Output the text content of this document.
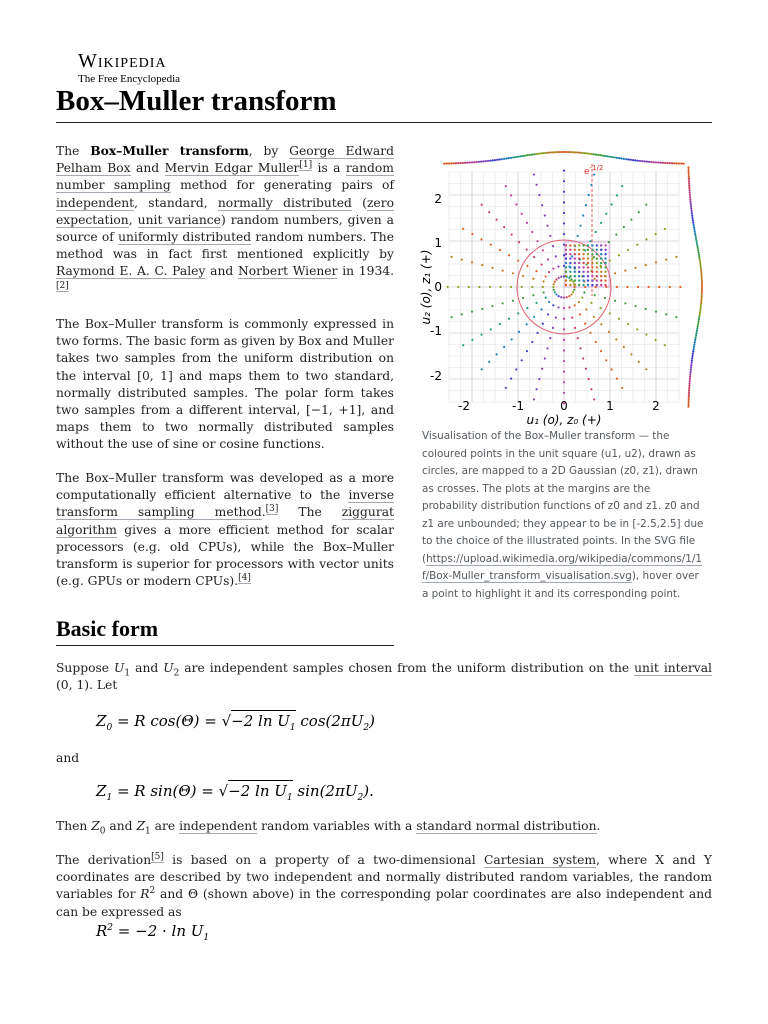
Wikipedia
The Free Encyclopedia
Box–Muller transform
The Box–Muller transform, by George Edward Pelham Box and Mervin Edgar Muller[1] is a random number sampling method for generating pairs of independent, standard, normally distributed (zero expectation, unit variance) random numbers, given a source of uniformly distributed random numbers. The method was in fact first mentioned explicitly by Raymond E. A. C. Paley and Norbert Wiener in 1934.[2]
The Box–Muller transform is commonly expressed in two forms. The basic form as given by Box and Muller takes two samples from the uniform distribution on the interval [0, 1] and maps them to two standard, normally distributed samples. The polar form takes two samples from a different interval, [−1, +1], and maps them to two normally distributed samples without the use of sine or cosine functions.
The Box–Muller transform was developed as a more computationally efficient alternative to the inverse transform sampling method.[3] The ziggurat algorithm gives a more efficient method for scalar processors (e.g. old CPUs), while the Box–Muller transform is superior for processors with vector units (e.g. GPUs or modern CPUs).[4]
$e^{-1/2}$
-2	-1	0	1	2
2
1
0
-1
-2
u₁ (o), z₀ (+)
u₂ (o), z₁ (+)
Visualisation of the Box–Muller transform — the coloured points in the unit square (u1, u2), drawn as circles, are mapped to a 2D Gaussian (z0, z1), drawn as crosses. The plots at the margins are the probability distribution functions of z0 and z1. z0 and z1 are unbounded; they appear to be in [-2.5,2.5] due to the choice of the illustrated points. In the SVG file (https://upload.wikimedia.org/wikipedia/commons/1/1f/Box-Muller_transform_visualisation.svg), hover over a point to highlight it and its corresponding point.
Basic form
Suppose $U_1$ and $U_2$ are independent samples chosen from the uniform distribution on the unit interval (0, 1). Let
$Z_0 = R$ cos(Θ) = √−2 $\ln U_1$ $\cos(2\pi U_2)$
and
$Z_1 = R$ sin(Θ) = √−2 $\ln U_1$ $\sin(2\pi U_2)$.
Then $Z_0$ and $Z_1$ are independent random variables with a standard normal distribution.
The derivation[5] is based on a property of a two-dimensional Cartesian system, where X and Y coordinates are described by two independent and normally distributed random variables, the random variables for $R^2$ and Θ (shown above) in the corresponding polar coordinates are also independent and can be expressed as
$R^2 = -2 \cdot \ln U_1$
